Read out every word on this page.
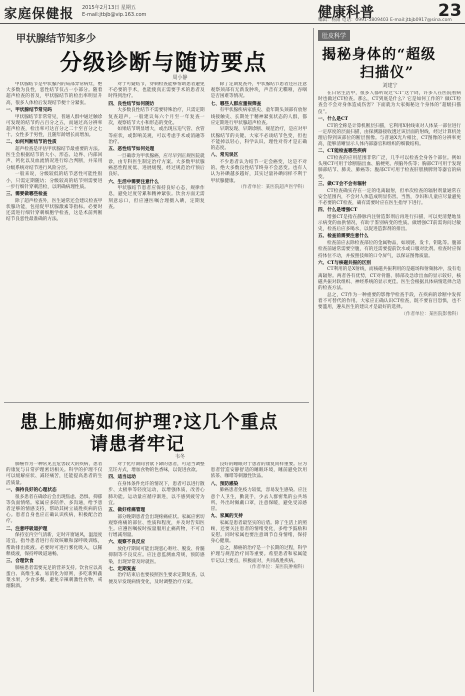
家庭保健报 2015年2月13日 星期五
E-mail:jtbjb@vip.163.com	健康科普	23
编辑：杨阳 电话：0991-5809403 E-mail:jtbjb0917@sina.com
甲状腺结节知多少
分级诊断与随访要点
周小静

甲状腺结节是甲状腺内的局部异常病灶，绝大多数为良性，恶性结节仅占一小部分。随着超声检查的普及，甲状腺结节的检出率明显升高，很多人体检后发现结节便十分紧张。

一、甲状腺结节常见吗

甲状腺结节非常常见，普通人群中通过触诊可发现的结节约占百分之五，而通过高分辨率超声检查，检出率可达百分之二十至百分之七十。女性多于男性，且随年龄增长而增加。

二、如何判断结节的性质

超声检查是评估甲状腺结节最重要的方法。医生会根据结节的大小、形态、边界、内部回声、钙化以及血流情况进行综合判断，并采用分级系统对结节进行风险分层。

一般来说，分级较低的结节恶性可能性很小，只需定期随访；分级较高的结节则需要进一步行细针穿刺活检，以明确病理性质。

三、需要做哪些检查

除了超声检查外，医生通常还会建议检查甲状腺功能，包括促甲状腺激素等指标。必要时还需进行细针穿刺细胞学检查，这是术前判断结节良恶性最准确的方法。

对于可疑结节，穿刺检查能够帮助患者避免不必要的手术，也能使真正需要手术的患者及时得到治疗。

四、良性结节如何随访

大多数良性结节不需要特殊治疗，只需定期复查超声。一般建议每六个月至一年复查一次，观察结节大小和形态的变化。

如果结节明显增大，或出现压迫气管、食管等症状，或影响美观，可以考虑手术或消融等治疗。

五、恶性结节如何处理

一旦确诊为甲状腺癌，应尽早到正规医院就诊，由专科医生制定治疗方案。大多数甲状腺癌恶性程度低、进展缓慢，经过规范治疗预后良好。

六、生活中需要注意什么

甲状腺结节患者应保持良好心态，规律作息，避免过度劳累和精神紧张。饮食方面无需刻意忌口，但应遵医嘱合理摄入碘，定期复查。

除了定期复查外，甲状腺结节患者还应注意观察颈部有无新发肿块，声音有无嘶哑，吞咽是否困难等情况。

七、哪些人群应重视筛查

有甲状腺疾病家族史、童年期头颈部有放射线接触史、长期处于精神紧张状态的人群，都应定期进行甲状腺超声检查。

早期发现、早期诊断、规范治疗，是应对甲状腺结节的关键。大家不必谈结节色变，但也不能掉以轻心，科学认识、理性对待才是正确的态度。

八、常见误区

不少患者认为结节一定会癌变，这是不对的。绝大多数良性结节终身不会恶变。也有人认为补碘越多越好，其实过量补碘同样不利于甲状腺健康。

（作者单位：某医院超声医学科）

患上肺癌如何护理?这几个重点
请患者牢记
韦冬

肺癌作为一种常见且危害较大的疾病，患者的康复与日常护理密切相关。科学的护理不仅可以缓解症状、减轻痛苦，还能提高患者的生活质量。

一、保持良好的心理状态

很多患者在确诊后会出现焦虑、恐惧、抑郁等负面情绪。家属应多陪伴、多沟通，给予患者足够的情感支持，帮助其树立战胜疾病的信心。患者自身也应正确认识疾病，积极配合治疗。

二、注意呼吸道护理

保持室内空气清新，定时开窗通风，温湿度适宜。指导患者进行有效咳嗽和深呼吸训练，帮助排出痰液。必要时可进行雾化吸入，以稀释痰液，保持呼吸道通畅。

三、合理饮食

肺癌患者需要充足的营养支持。饮食应以高蛋白、高维生素、易消化为原则，多吃新鲜蔬菜水果，少食多餐。避免辛辣刺激性食物，戒烟限酒。

对于化疗期间食欲下降的患者，可适当调整烹饪方式，增加食物的色香味，以促进食欲。

四、适当运动

在身体条件允许的情况下，患者可以进行散步、太极拳等轻度运动，以增强体质，改善心肺功能。运动量应循序渐进，以不感到疲劳为宜。

五、做好疼痛管理

部分晚期患者会出现疼痛症状。家属应密切观察疼痛的部位、性质和程度，并及时告知医生。应遵医嘱按时按量服用止痛药物，不可自行增减剂量。

六、观察不良反应

放化疗期间可能出现恶心呕吐、脱发、骨髓抑制等不良反应。应注意监测血常规，预防感染，出现异常及时就医。

七、定期复查

治疗结束后也要按照医生要求定期复查，以便及早发现病情变化，及时调整治疗方案。

良好的睡眠对于患者的康复同样重要。应为患者营造安静舒适的睡眠环境，睡前避免饮用浓茶、咖啡等刺激性饮品。

八、预防感染

肺癌患者免疫力较低，容易发生感染。应注意个人卫生，勤洗手，少去人群密集的公共场所。外出时佩戴口罩，注意保暖，避免受凉感冒。

九、家属的支持

家属是患者最坚实的后盾。除了生活上的照顾，还要关注患者的情绪变化，多给予鼓励和安慰。同时家属也要注意调节自身情绪，保持身心健康。

总之，肺癌的治疗是一个长期的过程，科学护理与规范治疗同等重要。希望患者和家属能牢记以上要点，积极面对，共同战胜疾病。

（作者单位：某医院肿瘤科）

肚皮科学
揭秘身体的“超级
扫描仪”
刘建宁

在日常生活中，很多人都听说过“CT”这个词，许多人在医院看病时也做过CT检查。那么，CT到底是什么？它是如何工作的？做CT检查会不会对身体造成伤害？下面就为大家揭秘这个身体的“超级扫描仪”。

一、什么是CT

CT的全称是计算机断层扫描，它利用X射线束对人体某一部位进行一定厚度的层面扫描，由探测器接收透过该层面的射线，经过计算机处理后得到该部位的断层图像。与普通X光片相比，CT图像的分辨率更高，能够清晰显示人体内部器官和组织的细微结构。

二、CT能检查哪些疾病

CT检查的应用范围非常广泛，几乎可以检查全身各个部位。例如头颅CT可用于诊断脑出血、脑梗死、颅脑外伤等；胸部CT可用于发现肺部结节、肺炎、肺癌等；腹部CT可用于检查肝胆胰脾肾等器官的病变。

三、做CT会不会有辐射

CT检查确实存在一定的电离辐射，但单次检查的辐射剂量通常在安全范围内，不会对人体造成明显伤害。当然，孕妇和儿童应尽量避免不必要的CT检查，确有需要时应在医生指导下进行。

四、什么是增强CT

增强CT是指在静脉内注射造影剂后再进行扫描，可以更清楚地显示病变的血供情况，有助于鉴别病变的性质。做增强CT前需询问过敏史，检查后应多喝水，以促进造影剂的排出。

五、检查前需要注意什么

检查前应去除检查部位的金属物品，如项链、发卡、钥匙等。腹部检查前通常需要空腹，有的还需要提前饮水或口服对比剂。检查时应保持体位不动，并按照技师的口令屏气，以保证图像质量。

六、CT与核磁共振的区别

CT利用的是X射线，而核磁共振利用的是磁场和射频脉冲，没有电离辐射。两者各有优势，CT对骨骼、肺部及急诊出血的显示较好，核磁共振对软组织、神经系统的显示更佳。医生会根据具体病情选择合适的检查方法。

总之，CT作为一种重要的影像学检查手段，在疾病的诊断中发挥着不可替代的作用。大家应正确认识CT检查，既不要盲目恐惧，也不要滥用，遵从医生的建议才是最好的选择。

（作者单位：某医院影像科）
